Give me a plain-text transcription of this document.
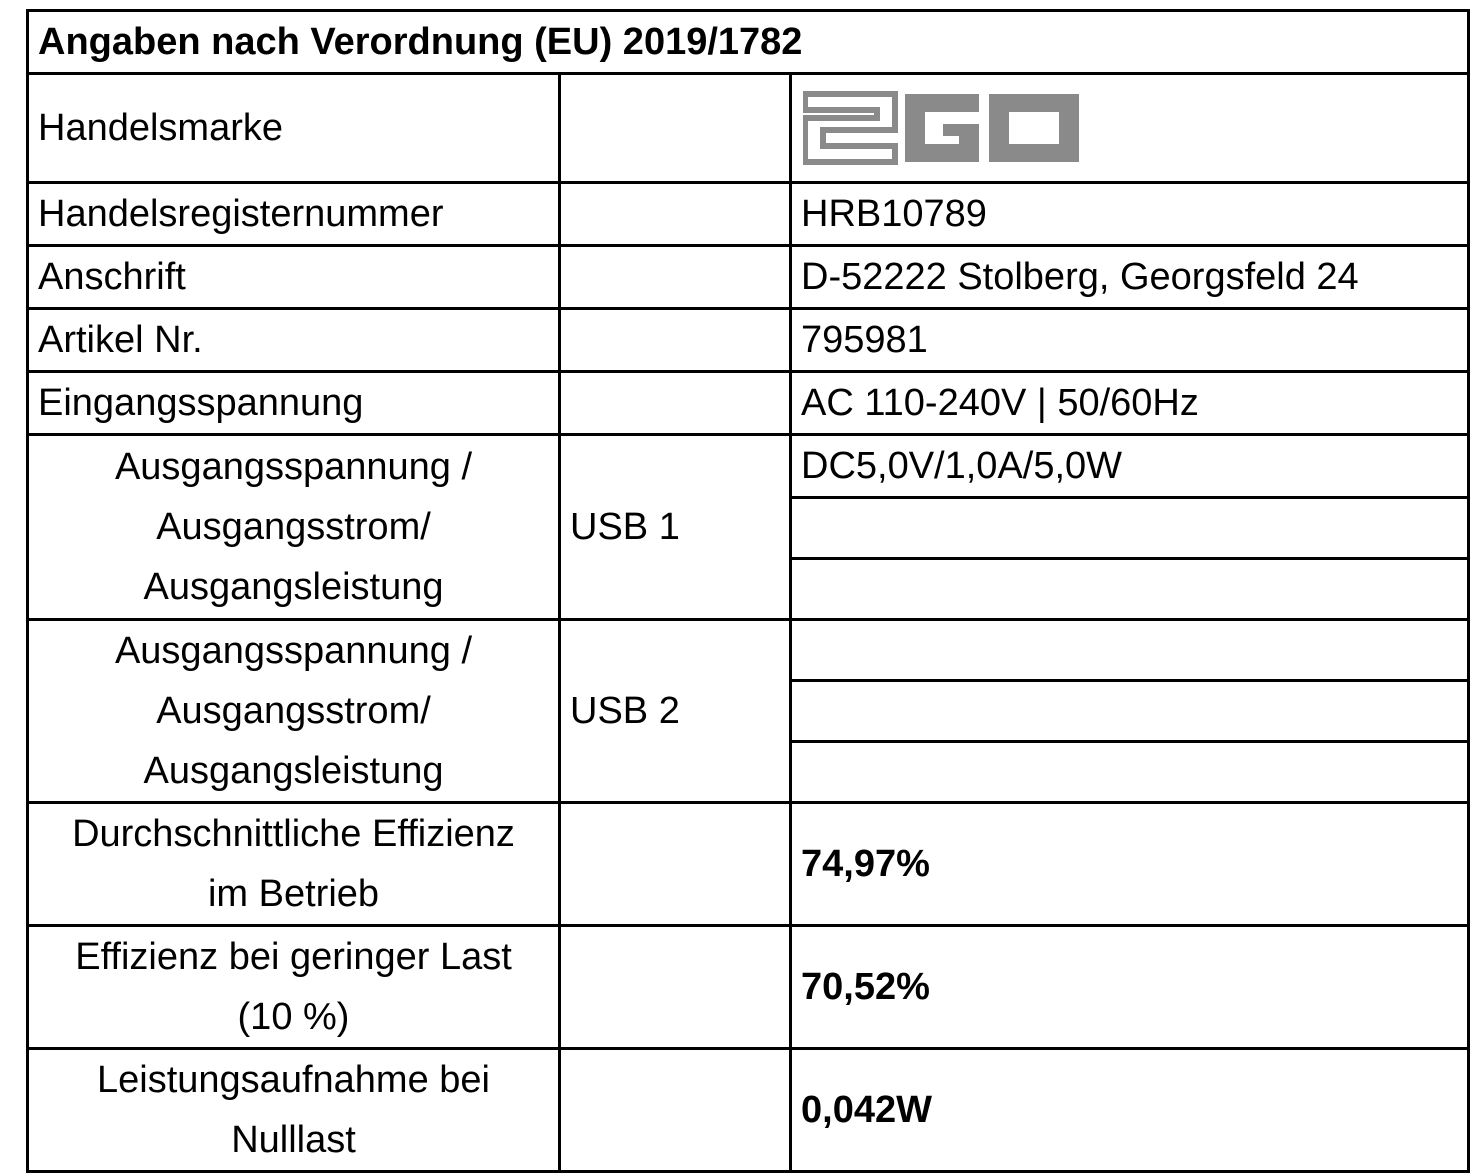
Angaben nach Verordnung (EU) 2019/1782		
Handelsmarke		

Handelsregisternummer		HRB10789
Anschrift		D-52222 Stolberg, Georgsfeld 24
Artikel Nr.		795981
Eingangsspannung		AC 110-240V | 50/60Hz

Ausgangsspannung /
Ausgangsstrom/
Ausgangsleistung	USB 1	DC5,0V/1,0A/5,0W

Ausgangsspannung /
Ausgangsstrom/
Ausgangsleistung	USB 2	

Durchschnittliche Effizienz
im Betrieb		74,97%

Effizienz bei geringer Last
(10 %)		70,52%

Leistungsaufnahme bei
Nulllast		0,042W
